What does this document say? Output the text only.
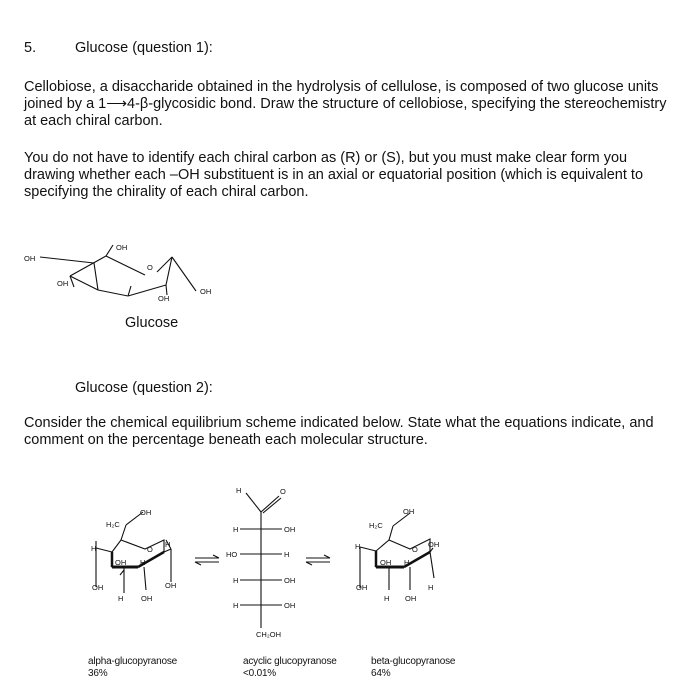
5.	Glucose (question 1):
Cellobiose, a disaccharide obtained in the hydrolysis of cellulose, is composed of two glucose units joined by a 1⟶4-β-glycosidic bond. Draw the structure of cellobiose, specifying the stereochemistry at each chiral carbon.
You do not have to identify each chiral carbon as (R) or (S), but you must make clear form you drawing whether each –OH substituent is in an axial or equatorial position (which is equivalent to specifying the chirality of each chiral carbon.
OH
OH
O
OH
OH
OH
Glucose
Glucose (question 2):
Consider the chemical equilibrium scheme indicated below. State what the equations indicate, and comment on the percentage beneath each molecular structure.
H₂C
OH
H	O
H
OH H
OH	OH
H OH
H	O
H	OH
HO	H
H	OH
H	OH
CH₂OH
H₂C
OH
H	O
OH
OH H
OH	H
H OH
alpha-glucopyranose
36%
acyclic glucopyranose
<0.01%
beta-glucopyranose
64%
